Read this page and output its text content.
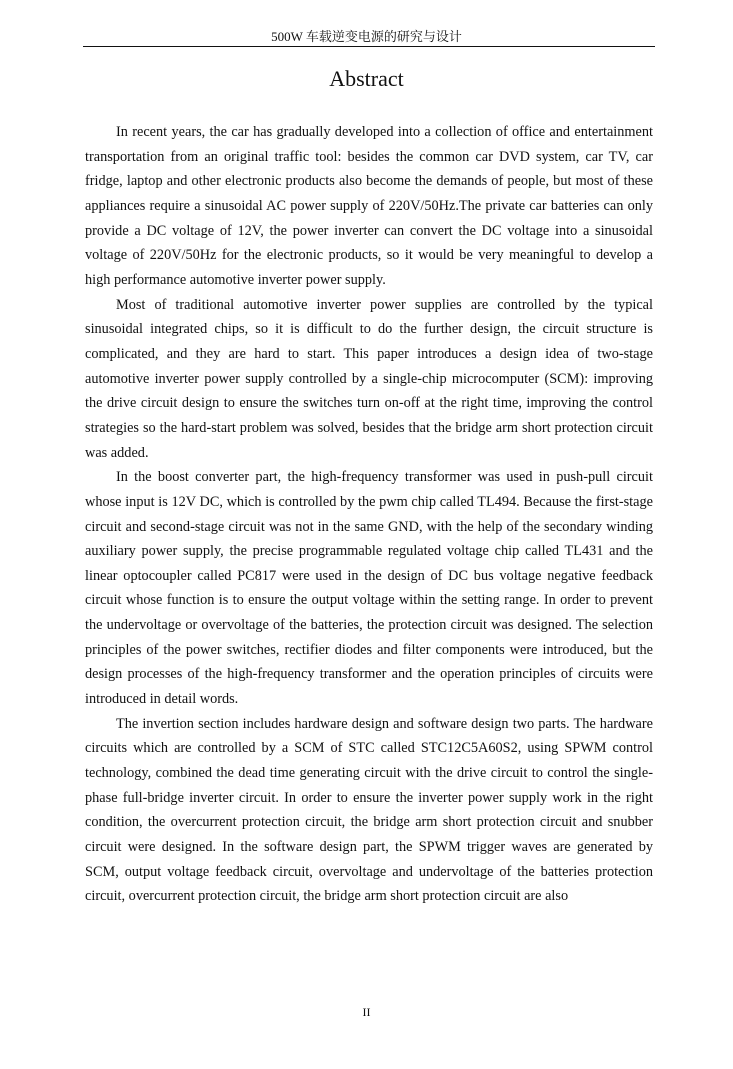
500W 车载逆变电源的研究与设计
Abstract

In recent years, the car has gradually developed into a collection of office and entertainment transportation from an original traffic tool: besides the common car DVD system, car TV, car fridge, laptop and other electronic products also become the demands of people, but most of these appliances require a sinusoidal AC power supply of 220V/50Hz.The private car batteries can only provide a DC voltage of 12V, the power inverter can convert the DC voltage into a sinusoidal voltage of 220V/50Hz for the electronic products, so it would be very meaningful to develop a high performance automotive inverter power supply.

Most of traditional automotive inverter power supplies are controlled by the typical sinusoidal integrated chips, so it is difficult to do the further design, the circuit structure is complicated, and they are hard to start. This paper introduces a design idea of two-stage automotive inverter power supply controlled by a single-chip microcomputer (SCM): improving the drive circuit design to ensure the switches turn on-off at the right time, improving the control strategies so the hard-start problem was solved, besides that the bridge arm short protection circuit was added.

In the boost converter part, the high-frequency transformer was used in push-pull circuit whose input is 12V DC, which is controlled by the pwm chip called TL494. Because the first-stage circuit and second-stage circuit was not in the same GND, with the help of the secondary winding auxiliary power supply, the precise programmable regulated voltage chip called TL431 and the linear optocoupler called PC817 were used in the design of DC bus voltage negative feedback circuit whose function is to ensure the output voltage within the setting range. In order to prevent the undervoltage or overvoltage of the batteries, the protection circuit was designed. The selection principles of the power switches, rectifier diodes and filter components were introduced, but the design processes of the high-frequency transformer and the operation principles of circuits were introduced in detail words.

The invertion section includes hardware design and software design two parts. The hardware circuits which are controlled by a SCM of STC called STC12C5A60S2, using SPWM control technology, combined the dead time generating circuit with the drive circuit to control the single-phase full-bridge inverter circuit. In order to ensure the inverter power supply work in the right condition, the overcurrent protection circuit, the bridge arm short protection circuit and snubber circuit were designed. In the software design part, the SPWM trigger waves are generated by SCM, output voltage feedback circuit, overvoltage and undervoltage of the batteries protection circuit, overcurrent protection circuit, the bridge arm short protection circuit are also

II
